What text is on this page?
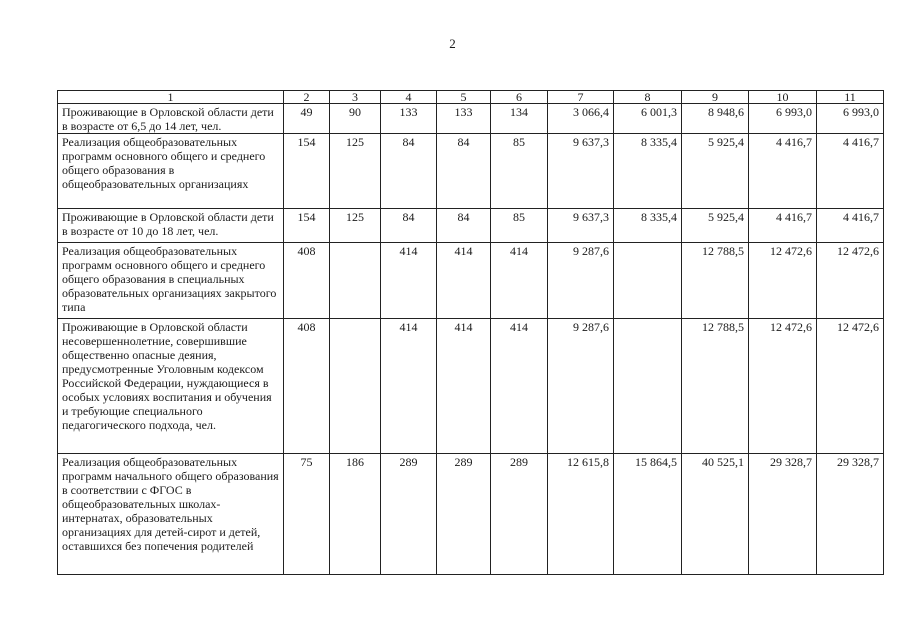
2
1	2	3	4	5	6	7	8	9	10	11
Проживающие в Орловской области дети в возрасте от 6,5 до 14 лет, чел.	49	90	133	133	134	3 066,4	6 001,3	8 948,6	6 993,0	6 993,0
Реализация общеобразовательных программ основного общего и среднего общего образования в общеобразовательных организациях	154	125	84	84	85	9 637,3	8 335,4	5 925,4	4 416,7	4 416,7
Проживающие в Орловской области дети в возрасте от 10 до 18 лет, чел.	154	125	84	84	85	9 637,3	8 335,4	5 925,4	4 416,7	4 416,7
Реализация общеобразовательных программ основного общего и среднего общего образования в специальных образовательных организациях закрытого типа	408		414	414	414	9 287,6		12 788,5	12 472,6	12 472,6
Проживающие в Орловской области несовершеннолетние, совершившие общественно опасные деяния, предусмотренные Уголовным кодексом Российской Федерации, нуждающиеся в особых условиях воспитания и обучения и требующие специального педагогического подхода, чел.	408		414	414	414	9 287,6		12 788,5	12 472,6	12 472,6
Реализация общеобразовательных программ начального общего образования в соответствии с ФГОС в общеобразовательных школах-интернатах, образовательных организациях для детей-сирот и детей, оставшихся без попечения родителей	75	186	289	289	289	12 615,8	15 864,5	40 525,1	29 328,7	29 328,7
